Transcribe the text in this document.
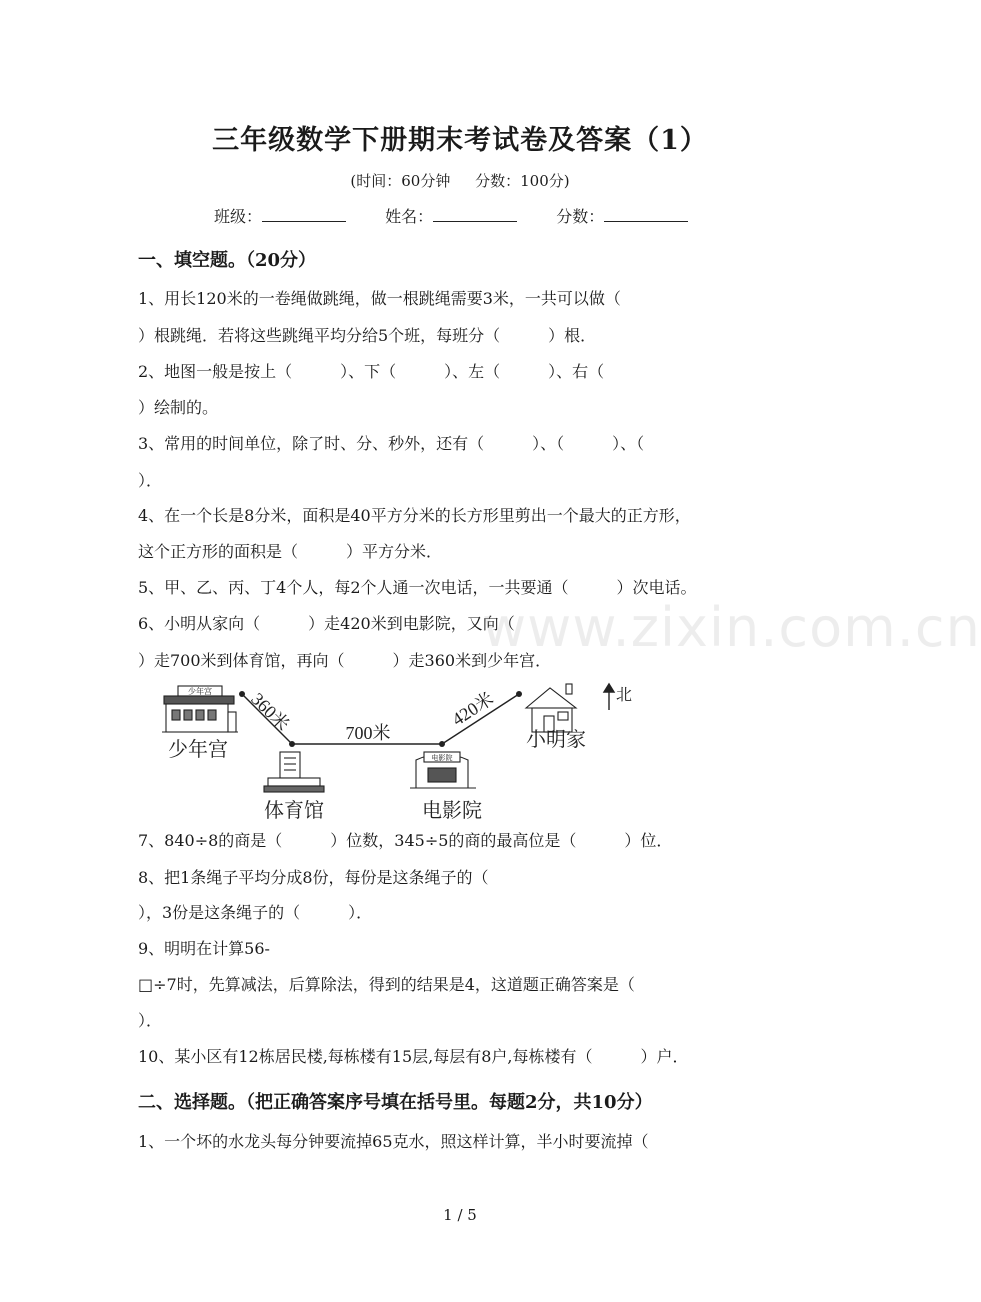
三年级数学下册期末考试卷及答案（1）
(时间：60分钟 分数：100分)
班级：	姓名：	分数：
一、填空题。（20分）
1、用长120米的一卷绳做跳绳，做一根跳绳需要3米，一共可以做（
）根跳绳．若将这些跳绳平均分给5个班，每班分（　　　）根．
2、地图一般是按上（　　　）、下（　　　）、左（　　　）、右（
）绘制的。
3、常用的时间单位，除了时、分、秒外，还有（　　　）、（　　　）、（
）．
4、在一个长是8分米，面积是40平方分米的长方形里剪出一个最大的正方形，
这个正方形的面积是（　　　）平方分米．
5、甲、乙、丙、丁4个人，每2个人通一次电话，一共要通（　　　）次电话。
6、小明从家向（　　　）走420米到电影院，又向（
）走700米到体育馆，再向（　　　）走360米到少年宫．
www.zixin.com.cn
少年宫
电影院
北
360米	700米
420米
少年宫
体育馆	电影院
小明家
7、840÷8的商是（　　　）位数，345÷5的商的最高位是（　　　）位．
8、把1条绳子平均分成8份，每份是这条绳子的（
），3份是这条绳子的（　　　）．
9、明明在计算56-
□÷7时，先算减法，后算除法，得到的结果是4，这道题正确答案是（
）．
10、某小区有12栋居民楼,每栋楼有15层,每层有8户,每栋楼有（　　　）户．
二、选择题。（把正确答案序号填在括号里。每题2分，共10分）
1、一个坏的水龙头每分钟要流掉65克水，照这样计算，半小时要流掉（
1 / 5
